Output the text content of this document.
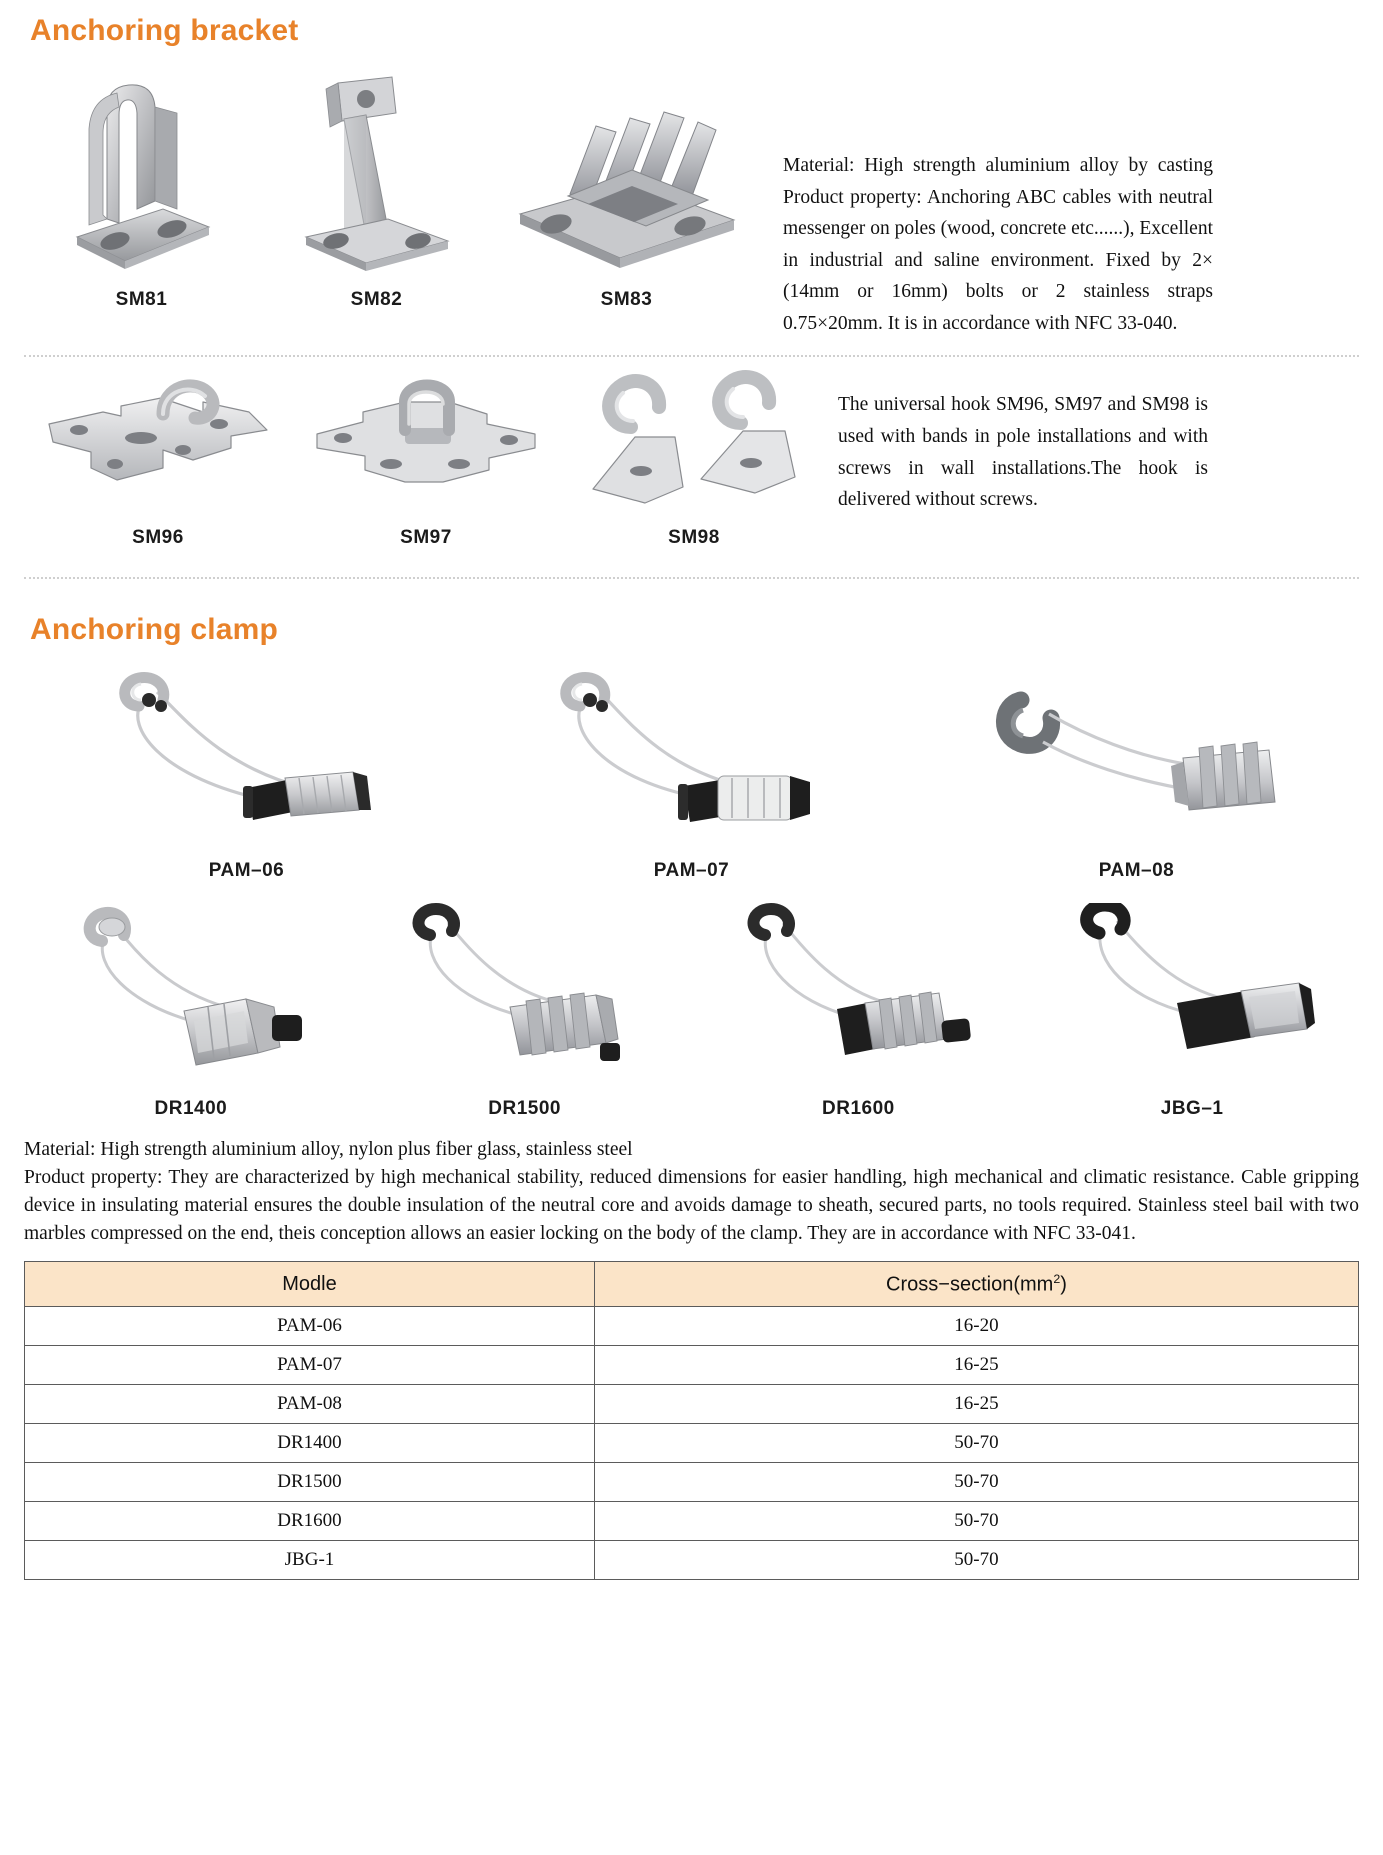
Anchoring bracket
SM81	SM82	SM83
Material: High strength aluminium alloy by casting Product property: Anchoring ABC cables with neutral messenger on poles (wood, concrete etc......), Excellent in industrial and saline environment. Fixed by 2× (14mm or 16mm) bolts or 2 stainless straps 0.75×20mm. It is in accordance with NFC 33-040.
SM96	SM97	SM98
The universal hook SM96, SM97 and SM98 is used with bands in pole installations and with screws in wall installations.The hook is delivered without screws.
Anchoring clamp
PAM–06	PAM–07	PAM–08
DR1400	DR1500	DR1600	JBG–1

Material: High strength aluminium alloy, nylon plus fiber glass, stainless steel

Product property: They are characterized by high mechanical stability, reduced dimensions for easier handling, high mechanical and climatic resistance. Cable gripping device in insulating material ensures the double insulation of the neutral core and avoids damage to sheath, secured parts, no tools required. Stainless steel bail with two marbles compressed on the end, theis conception allows an easier locking on the body of the clamp. They are in accordance with NFC 33-041.

Modle	$Cross-section(mm^2)$
PAM-06	16-20
PAM-07	16-25
PAM-08	16-25
DR1400	50-70
DR1500	50-70
DR1600	50-70
JBG-1	50-70
